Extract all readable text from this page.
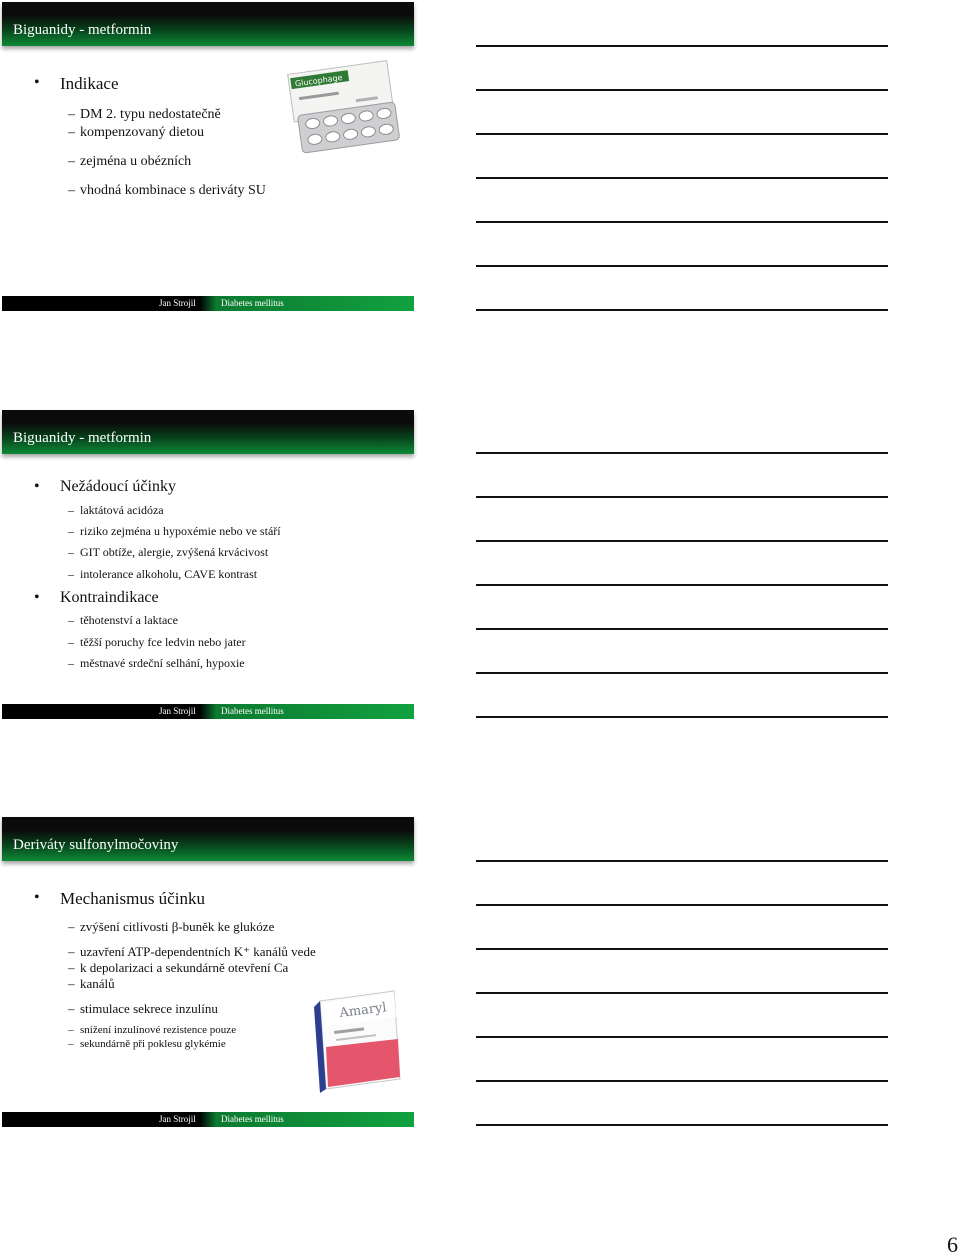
Biguanidy - metformin
• Indikace
– DM 2. typu nedostatečně
– kompenzovaný dietou
– zejména u obézních
– vhodná kombinace s deriváty SU
Glucophage
Jan Strojil	Diabetes mellitus
Biguanidy - metformin
• Nežádoucí účinky
– laktátová acidóza
– riziko zejména u hypoxémie nebo ve stáří
– GIT obtíže, alergie, zvýšená krvácivost
– intolerance alkoholu, CAVE kontrast
• Kontraindikace
– těhotenství a laktace
– těžší poruchy fce ledvin nebo jater
– městnavé srdeční selhání, hypoxie
Jan Strojil	Diabetes mellitus
Deriváty sulfonylmočoviny
• Mechanismus účinku
– zvýšení citlivosti β-buněk ke glukóze
– uzavření ATP-dependentních K⁺ kanálů vede
– k depolarizaci a sekundárně otevření Ca
– kanálů
– stimulace sekrece inzulínu
– snížení inzulínové rezistence pouze
– sekundárně při poklesu glykémie
Amaryl
Jan Strojil	Diabetes mellitus
6
